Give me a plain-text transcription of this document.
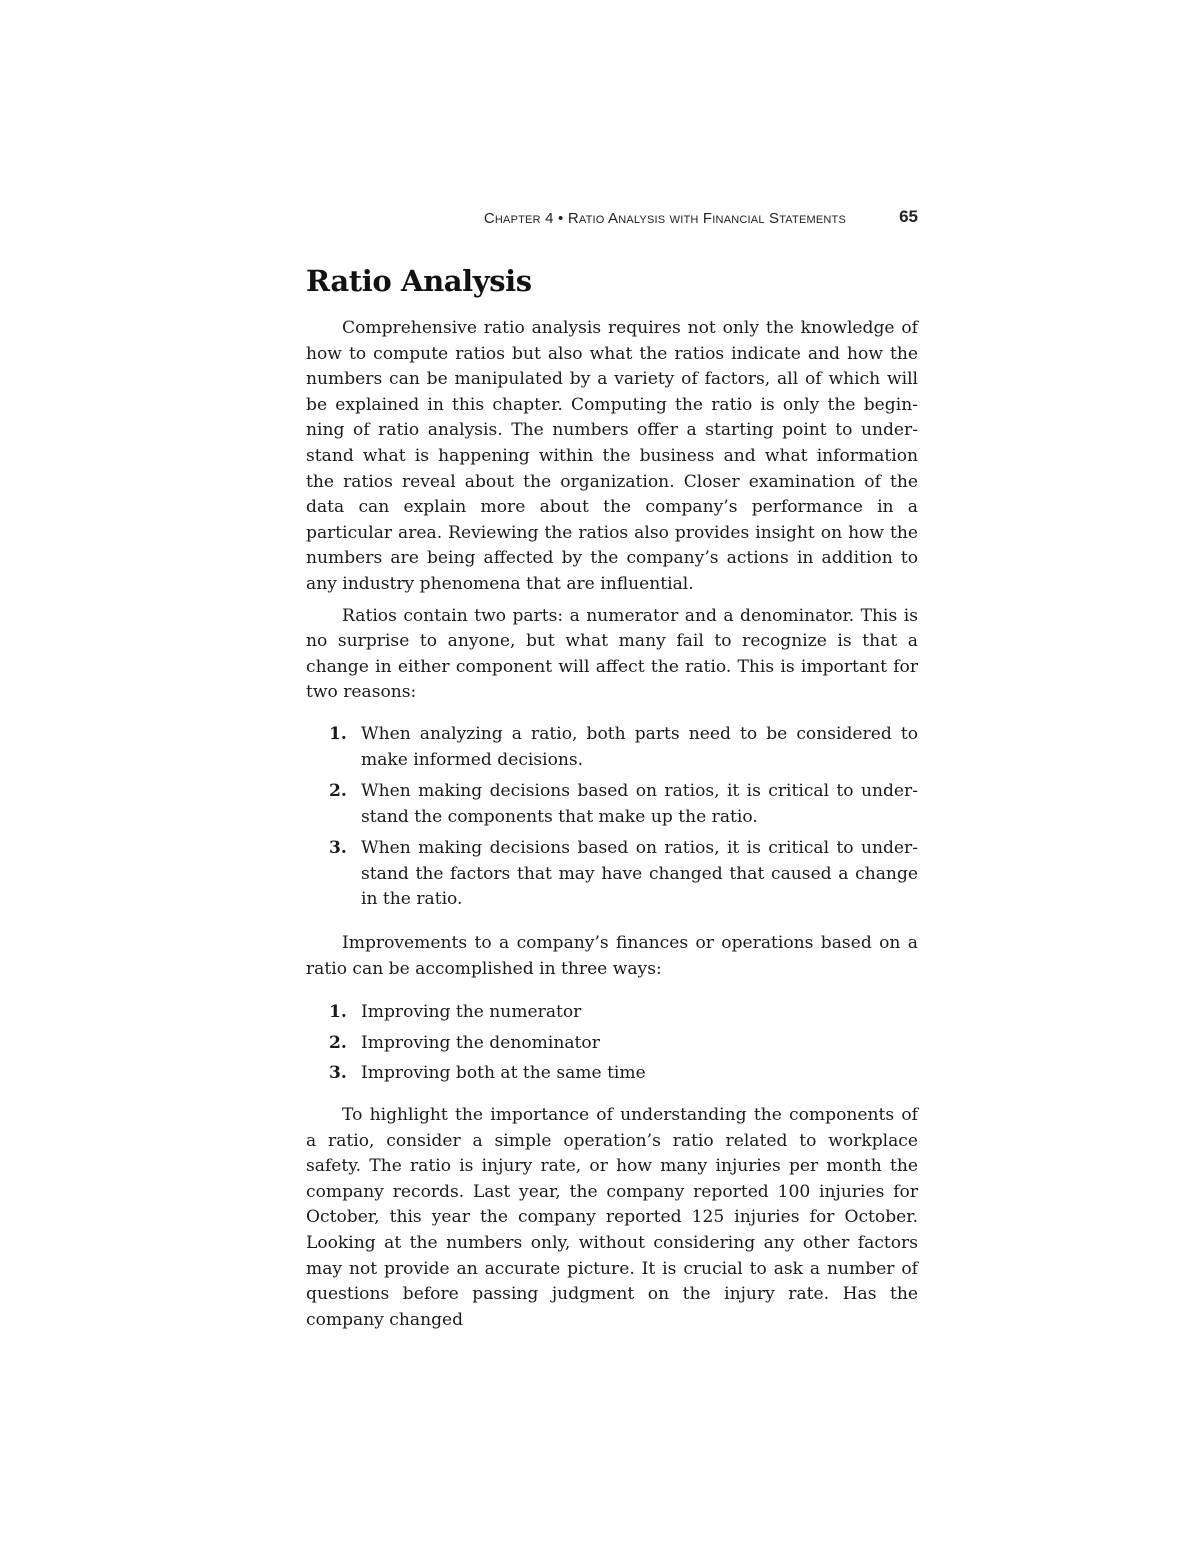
Chapter 4 • Ratio Analysis with Financial Statements	65
Ratio Analysis

Comprehensive ratio analysis requires not only the knowledge of how to compute ratios but also what the ratios indicate and how the numbers can be manipulated by a variety of factors, all of which will be explained in this chapter. Computing the ratio is only the beginning of ratio analysis. The numbers offer a starting point to understand what is happening within the business and what information the ratios reveal about the organization. Closer examination of the data can explain more about the company’s performance in a particular area. Reviewing the ratios also provides insight on how the numbers are being affected by the company’s actions in addition to any industry phenomena that are influential.

Ratios contain two parts: a numerator and a denominator. This is no surprise to anyone, but what many fail to recognize is that a change in either component will affect the ratio. This is important for two reasons:

1. When analyzing a ratio, both parts need to be considered to make informed decisions.
2. When making decisions based on ratios, it is critical to understand the components that make up the ratio.
3. When making decisions based on ratios, it is critical to understand the factors that may have changed that caused a change in the ratio.

Improvements to a company’s finances or operations based on a ratio can be accomplished in three ways:

1. Improving the numerator
2. Improving the denominator
3. Improving both at the same time

To highlight the importance of understanding the components of a ratio, consider a simple operation’s ratio related to workplace safety. The ratio is injury rate, or how many injuries per month the company records. Last year, the company reported 100 injuries for October, this year the company reported 125 injuries for October. Looking at the numbers only, without considering any other factors may not provide an accurate picture. It is crucial to ask a number of questions before passing judgment on the injury rate. Has the company changed
